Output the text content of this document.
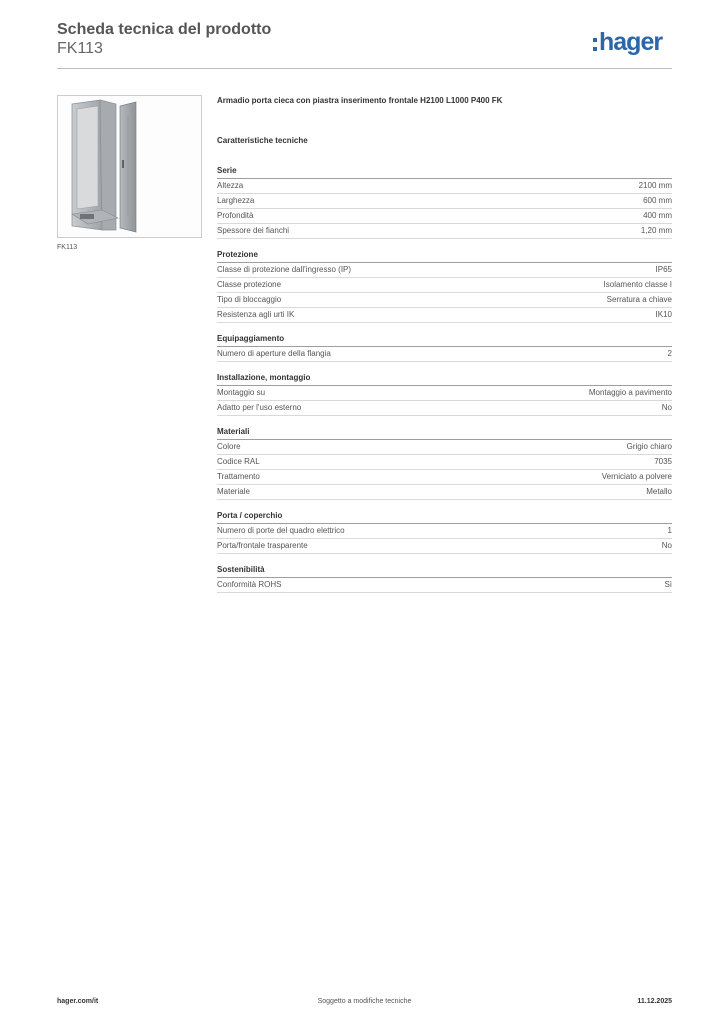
Scheda tecnica del prodotto
FK113	hager
FK113
Armadio porta cieca con piastra inserimento frontale H2100 L1000 P400 FK
Caratteristiche tecniche
Serie
Altezza	2100 mm
Larghezza	600 mm
Profondità	400 mm
Spessore dei fianchi	1,20 mm
Protezione
Classe di protezione dall'ingresso (IP)	IP65
Classe protezione	Isolamento classe I
Tipo di bloccaggio	Serratura a chiave
Resistenza agli urti IK	IK10
Equipaggiamento
Numero di aperture della flangia	2
Installazione, montaggio
Montaggio su	Montaggio a pavimento
Adatto per l'uso esterno	No
Materiali
Colore	Grigio chiaro
Codice RAL	7035
Trattamento	Verniciato a polvere
Materiale	Metallo
Porta / coperchio
Numero di porte del quadro elettrico	1
Porta/frontale trasparente	No
Sostenibilità
Conformità ROHS	Sì
hager.com/it	Soggetto a modifiche tecniche	11.12.2025
